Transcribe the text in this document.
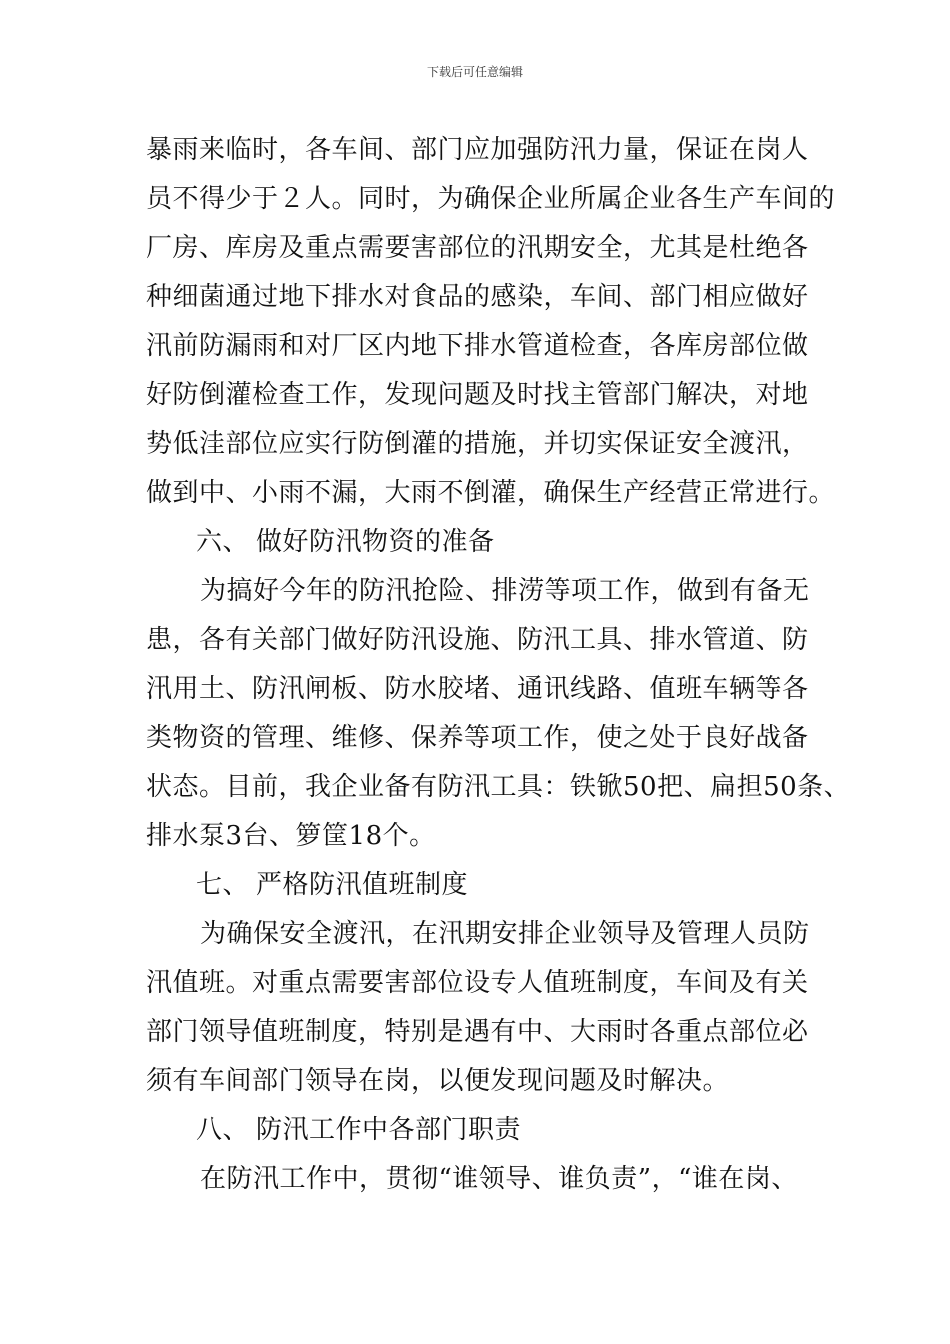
下载后可任意编辑
暴雨来临时，各车间、部门应加强防汛力量，保证在岗人
员不得少于２人。同时，为确保企业所属企业各生产车间的
厂房、库房及重点需要害部位的汛期安全，尤其是杜绝各
种细菌通过地下排水对食品的感染，车间、部门相应做好
汛前防漏雨和对厂区内地下排水管道检查，各库房部位做
好防倒灌检查工作，发现问题及时找主管部门解决，对地
势低洼部位应实行防倒灌的措施，并切实保证安全渡汛，
做到中、小雨不漏，大雨不倒灌，确保生产经营正常进行。
六、 做好防汛物资的准备
为搞好今年的防汛抢险、排涝等项工作，做到有备无
患，各有关部门做好防汛设施、防汛工具、排水管道、防
汛用土、防汛闸板、防水胶堵、通讯线路、值班车辆等各
类物资的管理、维修、保养等项工作，使之处于良好战备
状态。目前，我企业备有防汛工具：铁锨50把、扁担50条、
排水泵3台、箩筐18个。
七、 严格防汛值班制度
为确保安全渡汛，在汛期安排企业领导及管理人员防
汛值班。对重点需要害部位设专人值班制度，车间及有关
部门领导值班制度，特别是遇有中、大雨时各重点部位必
须有车间部门领导在岗，以便发现问题及时解决。
八、 防汛工作中各部门职责
在防汛工作中，贯彻“谁领导、谁负责”，“谁在岗、
